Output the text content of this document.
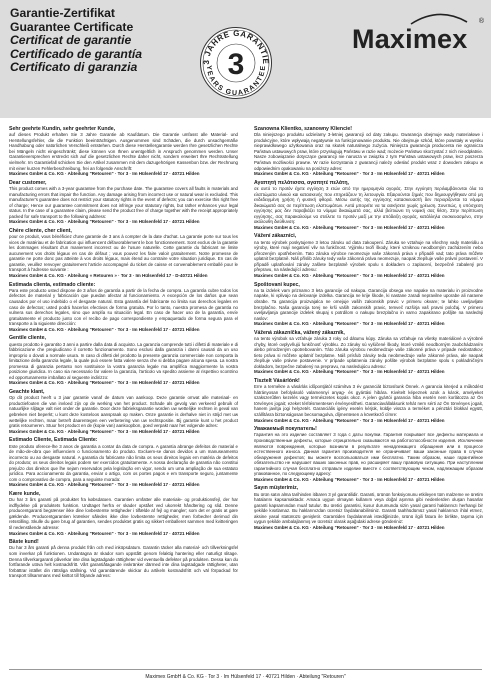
Garantie-Zertifikat
Guarantee Certificate
Certificat de garantie
Certificado de garantía
Certificato di garanzia	3 JAHRE GARANTIE
YEARS GUARANTEE
3
Maximex
®
Sehr geehrte Kundin, sehr geehrter Kunde,

auf dieses Produkt erhalten Sie 3 Jahre Garantie ab Kaufdatum. Die Garantie umfasst alle Material- und Herstellungsfehler, die die Funktion beeinträchtigen. Ausgenommen sind Schäden, die durch unsachgemäße Handhabung oder natürlichen Verschleiß entstehen. Durch diese Herstellergarantie werden Ihre gesetzlichen Rechte bei Mängeln nicht eingeschränkt; diese können von Ihnen unentgeltlich in Anspruch genommen werden. Unser Garantieversprechen erstreckt sich auf die gesetzlichen Rechte daher nicht, sondern erweitert Ihre Rechtsstellung vielmehr. Im Garantiefall schicken Sie den Artikel zusammen mit dem dazugehörigen Kassenbon bzw. der Rechnung mit einer kurzen Fehlerbeschreibung, frei an folgende Anschrift:

Maximex GmbH & Co. KG · Abteilung "Retouren" · Tor 3 · Im Hülsenfeld 17 · 40721 Hilden

Dear customer,

This product comes with a 3-year guarantee from the purchase date. The guarantee covers all faults in materials and manufacturing errors that impair the function. Any damage arising from incorrect use or natural wear is excluded. This manufacturer's guarantee does not restrict your statutory rights in the event of defects; you can exercise this right free of charge; Hence our guarantee commitment does not infringe your statutory rights, but rather enhances your legal status. In the case of a guarantee claim, please send the product free of charge together with the receipt appropriately packed for safe transport to the following address:

Maximex GmbH & Co. KG · Abteilung "Retouren" · Tor 3 · Im Hülsenfeld 17 · 40721 Hilden

Chère cliente, cher client,

pour ce produit, vous bénéficiez d'une garantie de 3 ans à compter de la date d'achat. La garantie porte sur tous les vices de matériau et de fabrication qui influencent défavorablement le bon fonctionnement. Sont exclus de la garantie les dommages résultant d'un maniement incorrect ou de l'usure naturelle. Cette garantie du fabricant ne limite aucunement vos droits légaux en cas de défaut ; vous pouvez les faire valoir gratuitement. Notre promesse de garantie ne porte donc pas atteinte à vos droits légaux, mais étend au contraire votre situation juridique. En cas de garantie, veuillez renvoyer gratuitement l'article accompagné du ticket de caisse et convenablement emballé pour le transport à l'adresse suivante :

Maximex GmbH & Co. KG · Abteilung « Retouren » · Tor 3 · Im Hülsenfeld 17 · D-40721 Hilden

Estimada clienta, estimado cliente:

Para este producto usted dispone de 3 años de garantía a partir de la fecha de compra. La garantía cubre todos los defectos de material y fabricación que puedan afectar al funcionamiento. A excepción de los daños que sean causados por el uso indebido o el desgaste natural. Esta garantía del fabricante no limita sus derechos legales en caso de defectos; usted podrá hacerlos efectivos de forma gratuita. Por lo tanto, nuestra promesa de garantía no vulnera sus derechos legales, sino que amplía su situación legal. En caso de hacer uso de la garantía, envíe gratuitamente el producto junto con el recibo de pago correspondiente y empaquetado de forma segura para el transporte a la siguiente dirección:

Maximex GmbH & Co. KG · Abteilung "Retouren" · Tor 3 · Im Hülsenfeld 17 · 40721 Hilden

Gentile cliente,

questo prodotto è garantito 3 anni a partire dalla data di acquisto. La garanzia comprende tutti i difetti di materiale e di fabbricazione che pregiudicano il corretto funzionamento. Sono esclusi dalla garanzia i danni causati da un uso improprio o dovuti a normale usura. In caso di difetti del prodotto la presente garanzia commerciale non comporta la limitazione della garanzia legale, la quale può essere fatta valere senza che si debba pagare alcuna spesa. La nostra promessa di garanzia pertanto non sostituisce la vostra garanzia legale ma amplifica maggiormente la vostra posizione giuridica. In caso sia necessario far valere la garanzia, l'articolo va spedito assieme al rispettivo scontrino ed opportunamente imballato al seguente indirizzo:

Maximex GmbH & Co. KG · Abteilung "Retouren" · Tor 3 · Im Hülsenfeld 17 · 40721 Hilden

Geachte klant,

Op dit product heeft u 3 jaar garantie vanaf de datum van aankoop. Deze garantie omvat alle materiaal- en productiefouten die van invloed zijn op de werking van het product. Schade als gevolg van verkeerd gebruik of natuurlijke slijtage valt niet onder de garantie. Door deze fabrieksgarantie worden uw wettelijke rechten in geval van gebreken niet beperkt; u kunt deze kosteloos aanspraak op maken. Onze garantie is derhalve niet in strijd met uw wettelijke rechten, maar betreft daarentegen een verbetering van uw rechtspositie. Bij garantie kunt u het product gratis retourneren. Stuur het product en de (kopie van) aankoopbon, goed verpakt naar het volgende adres:

Maximex GmbH & Co. KG · Abteilung "Retouren" · Tor 3 · Im Hülsenfeld 17 · 40721 Hilden

Estimado Cliente, Estimada Cliente:

Este produto oferece-lhe 3 anos de garantia a contar da data de compra. A garantia abrange defeitos de material e de mão-de-obra que influenciem o funcionamento do produto. Excluem-se danos devidos a um manuseamento incorrecto ou ao desgaste natural. A garantia do fabricante não limita os seus direitos legais em matéria de defeitos do produto; os seus direitos legais podem ser exercidos gratuitamente. A nossa declaração de garantia não constitui prejuízo dos direitos que lhe sejam reservados pela legislação em vigor, sendo um uma ampliação de sua estatuto jurídico. Para accionamento da garantia, enviar o artigo, com os portes pagos e em transporte seguro, juntamente com o comprovativo de compra, para a seguinte morada:

Maximex GmbH & Co. KG · Abteilung "Retouren" · Tor 3 · Im Hülsenfeld 17 · 40721 Hilden

Kære kunde,

Du har 3 års garanti på produktet fra købsdatoen. Garantien omfatter alle materiale- og produktionsfejl, der har indflydelse på produktets funktion. Undtaget herfra er skader opstået ved ukorrekt håndtering og slid. Denne producentgaranti begrænser ikke dine lovbestemte rettigheder i tilfælde af fejl og mangler; som det er gratis at gøre gældende. Producentgarantien krænker således ikke dine lovbestemte rettigheder, men forbedrer derimod din retsstilling. Skulle du gøre brug af garantien, sendes produktet gratis og sikkert emballeret sammen med kvitteringen til nedenstående adresse:

Maximex GmbH & Co. KG · Abteilung "Retouren" · Tor 3 · Im Hülsenfeld 17 · 40721 Hilden

Bäste kund!

Du har 3 års garanti på denna produkt från och med inköpsdatum. Garantin täcker alla material- och tillverkningsfel som inverkar på funktionen. Undantagna är skador som uppstått genom felaktig hantering eller naturligt slitage. Denna tillverkargaranti påverkar inte dina lagstadgade rättigheter vid eventuella defekter på produkten. Dessa kan du fortfarande utöva helt kostnadsfritt. Vårt garantiåtagande inskränker därmed inte dina lagstadgade rättigheter, utan förbättrar istället din rättsliga ställning. Vid garantiärende skickar du artikeln kostnadsfritt och väl förpackad för transport tillsammans med kvittot till följande adress:

Szanowna Klientko, szanowny Kliencie!

Dla niniejszego produktu udzielamy 3-letniej gwarancji od daty zakupu. Gwarancja obejmuje wady materiałowe i produkcyjne, które wpływają negatywnie na funkcjonowanie produktu. Nie obejmuje szkód, które powstały w wyniku nieprawidłowego użytkowania oraz na skutek naturalnego zużycia. Niniejsza gwarancja producenta nie ogranicza Państwa ustawowych praw, które przysługują Państwu w razie wad; możecie Państwo skorzystać z nich nieodpłatnie. Nasze zobowiązanie dotyczące gwarancji nie narusza w związku z tym Państwa ustawowych praw, lecz poszerza Państwa możliwości prawne. W razie korzystania z gwarancji należy odesłać produkt wraz z dowodem zakupu w odpowiednim opakowaniu na poniższy adres:

Maximex GmbH & Co. KG · Abteilung "Retouren" · Tor 3 · Im Hülsenfeld 17 · 40721 Hilden

Αγαπητή πελάτισσα, αγαπητέ πελάτη,

σε αυτό το προϊόν έχετε εγγύηση 3 ετών από την ημερομηνία αγοράς. Στην εγγύηση περιλαμβάνονται όλα τα ελαττώματα υλικού και κατασκευής που επηρεάζουν τη λειτουργία. Εξαιρούνται ζημιές που δημιουργήθηκαν από μη ενδεδειγμένη χρήση ή φυσική φθορά. Μέσω αυτής της εγγύησης κατασκευαστή δεν περιορίζονται τα νόμιμα δικαιώματά σας σε περίπτωση ελαττωμάτων. Αυτά μπορείτε να τα ασκήσετε χωρίς χρέωση. Συνεπώς, η υπόσχεση εγγύησης μας δεν παραβιάζει τα νόμιμα δικαιώματά σας, αλλά βελτιώνει τη νομική σας θέση. Στην περίπτωση εγγύησης, σας παρακαλούμε να στείλετε το προϊόν μαζί με την απόδειξη αγοράς, κατάλληλα συσκευασμένο, στην ακόλουθη διεύθυνση:

Maximex GmbH & Co. KG · Abteilung "Retouren" · Tor 3 · Im Hülsenfeld 17 · 40721 Hilden

Vážení zákazníci,

na tento výrobek poskytujeme 3 letou záruku od data zakoupení. Záruka se vztahuje na všechny vady materiálu a výroby, které mají negativní vliv na funkčnost. Výjimku tvoří škody, které vzniknou neodborným zacházením nebo přirozeným opotřebením. Tato záruka výrobce neomezuje vaše zákonná práva v případě vad; tato práva můžete uplatnit bezplatně. Náš příslib záruky tedy vaše zákonná práva neomezuje, naopak zlepšuje vaše právní postavení. V případě uplatňování záruky zašlete bezplatně výrobek spolu s dokladem o zaplacení, bezpečně zabalený pro přepravu, na následující adresu:

Maximex GmbH & Co. KG · Abteilung "Retouren" · Tor 3 · Im Hülsenfeld 17 · 40721 Hilden

Spoštovani kupec,

na ta izdelek vam priznamo 3 leta garancije od nakupa. Garancija obsega vse napake na materialu in proizvodne napake, ki vplivajo na delovanje izdelka. Garancija ne krije škode, ki nastane zaradi nepravilne uporabe ali naravne obrabe. Ta garancija proizvajalca ne omejuje vaših zakonskih pravic v primeru okvare; te lahko uveljavljate brezplačno. Naša garancija torej ne krši vaših zakonskih pravic, temveč razširja vaš pravni položaj. V primeru uveljavljanja garancije izdelek skupaj s potrdilom o nakupu brezplačno in varno zapakirano pošljite na naslednji naslov:

Maximex GmbH & Co. KG · Abteilung "Retouren" · Tor 3 · Im Hülsenfeld 17 · 40721 Hilden

Vážená zákazníčka, vážený zákazník,

na tento výrobok sa vzťahuje záruka 3 roky od dátumu kúpy. Záruka sa vzťahuje na všetky materiálové a výrobné chyby, ktoré ovplyvňujú funkčnosť výrobku. Zo záruky sú vylúčené škody, ktoré vznikli neodborným zaobchádzaním alebo prirodzeným opotrebovaním. Táto záruka výrobcu neobmedzuje vaše zákonné práva v prípade nedostatkov; tieto práva si môžete uplatniť bezplatne. Náš prísľub záruky teda neobmedzuje vaše zákonné práva, ale naopak zlepšuje vaše právne postavenie. V prípade uplatnenia záruky pošlite výrobok bezplatne spolu s pokladničným dokladom, bezpečne zabalený na prepravu, na nasledujúcu adresu:

Maximex GmbH & Co. KG · Abteilung "Retouren" · Tor 3 · Im Hülsenfeld 17 · 40721 Hilden

Tisztelt Vásárlónk!

Erre a termékre a vásárlás időpontjától számítva 3 év garanciát biztosítunk Önnek. A garancia kiterjed a működést hátrányosan befolyásoló valamennyi anyag- és gyártási hibára. Kivételt képeznek azok a károk, amelyeket szakszerűtlen kezelés vagy természetes kopás okoz. A jelen gyártói garancia hiba esetén nem korlátozza az Ön törvényes jogait; ezeket térítésmentesen érvényesítheti. Garanciavállalásunk tehát nem sérti az Ön törvényes jogait, hanem javítja jogi helyzetét. Garanciális igény esetén kérjük, küldje vissza a terméket a pénztári blokkal együtt, szállításra biztonságosan becsomagolva, díjmentesen a következő címre:

Maximex GmbH & Co. KG · Abteilung "Retouren" · Tor 3 · Im Hülsenfeld 17 · 40721 Hilden

Уважаемый покупатель!

Гарантия на это изделие составляет 3 года с даты покупки. Гарантия покрывает все дефекты материала и производственные дефекты, которые отрицательно сказываются на работоспособности изделия. Исключение являются повреждения, которые возникли в результате ненадлежащего обращения или в процессе естественного износа. Данная гарантия производителя не ограничивает ваши законные права в случае обнаружения дефектов; вы можете воспользоваться ими бесплатно. Таким образом, наше гарантийное обязательство не нарушает ваших законных прав, но расширяет вашу правовую ситуацию. При наступлении гарантийного случая бесплатно отправьте изделие вместе с соответствующим чеком, надлежащим образом упакованное, по следующему адресу:

Maximex GmbH & Co. KG · Abteilung "Retouren" · Tor 3 · Im Hülsenfeld 17 · 40721 Hilden

Sayın müşterimiz,

Bu ürün satın alma tarihinden itibaren 3 yıl garantilidir. Garanti, ürünün fonksiyonunu etkileyen tüm malzeme ve üretim hatalarını kapsamaktadır. Amaca uygun olmayan kullanım veya doğal aşınma gibi nedenlerden oluşan hasarlar garanti kapsamından muaf tutulur. Bu üretici garantisi, kusur durumunda sizin yasal garanti haklarınızı herhangi bir şekilde kısıtlamaz. Bu haklarınızdan ücretsiz faydalanabilirsiniz. Garanti taahhüdümüz yasal haklarınızı ihlal etmez, aksine yasal statünüzü genişletir. Garantiden faydalanmak istediğinizde, ürünü ilgili fatura ile birlikte, taşıma için uygun şekilde ambalajlanmış ve ücretsiz olarak aşağıdaki adrese gönderiniz:

Maximex GmbH & Co. KG · Abteilung "Retouren" · Tor 3 · Im Hülsenfeld 17 · 40721 Hilden

Maximex GmbH & Co. KG · Tor 3 · Im Hülsenfeld 17 · 40721 Hilden · Abteilung "Retouren"
